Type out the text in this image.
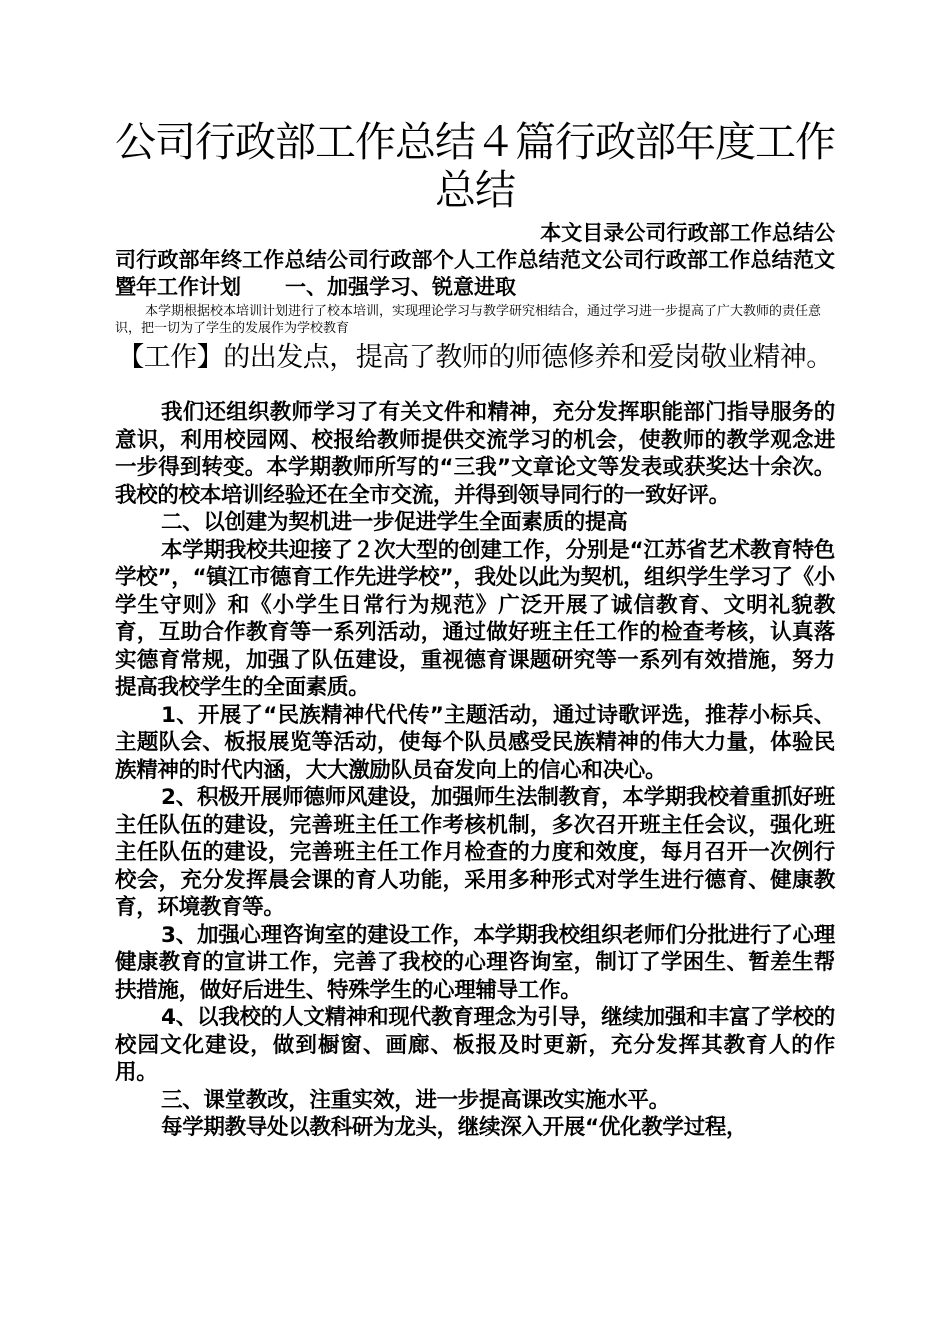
公司行政部工作总结４篇行政部年度工作总结

本文目录公司行政部工作总结公司行政部年终工作总结公司行政部个人工作总结范文公司行政部工作总结范文暨年工作计划 一、加强学习、锐意进取

本学期根据校本培训计划进行了校本培训，实现理论学习与教学研究相结合，通过学习进一步提高了广大教师的责任意识，把一切为了学生的发展作为学校教育

【工作】的出发点，提高了教师的师德修养和爱岗敬业精神。

我们还组织教师学习了有关文件和精神，充分发挥职能部门指导服务的意识，利用校园网、校报给教师提供交流学习的机会，使教师的教学观念进一步得到转变。本学期教师所写的“三我”文章论文等发表或获奖达十余次。我校的校本培训经验还在全市交流，并得到领导同行的一致好评。

二、以创建为契机进一步促进学生全面素质的提高

本学期我校共迎接了２次大型的创建工作，分别是“江苏省艺术教育特色学校”，“镇江市德育工作先进学校”，我处以此为契机，组织学生学习了《小学生守则》和《小学生日常行为规范》广泛开展了诚信教育、文明礼貌教育，互助合作教育等一系列活动，通过做好班主任工作的检查考核，认真落实德育常规，加强了队伍建设，重视德育课题研究等一系列有效措施，努力提高我校学生的全面素质。

1、开展了“民族精神代代传”主题活动，通过诗歌评选，推荐小标兵、主题队会、板报展览等活动，使每个队员感受民族精神的伟大力量，体验民族精神的时代内涵，大大激励队员奋发向上的信心和决心。

2、积极开展师德师风建设，加强师生法制教育，本学期我校着重抓好班主任队伍的建设，完善班主任工作考核机制，多次召开班主任会议，强化班主任队伍的建设，完善班主任工作月检查的力度和效度，每月召开一次例行校会，充分发挥晨会课的育人功能，采用多种形式对学生进行德育、健康教育，环境教育等。

3、加强心理咨询室的建设工作，本学期我校组织老师们分批进行了心理健康教育的宣讲工作，完善了我校的心理咨询室，制订了学困生、暂差生帮扶措施，做好后进生、特殊学生的心理辅导工作。

4、以我校的人文精神和现代教育理念为引导，继续加强和丰富了学校的校园文化建设，做到橱窗、画廊、板报及时更新，充分发挥其教育人的作用。

三、课堂教改，注重实效，进一步提高课改实施水平。

每学期教导处以教科研为龙头，继续深入开展“优化教学过程，
